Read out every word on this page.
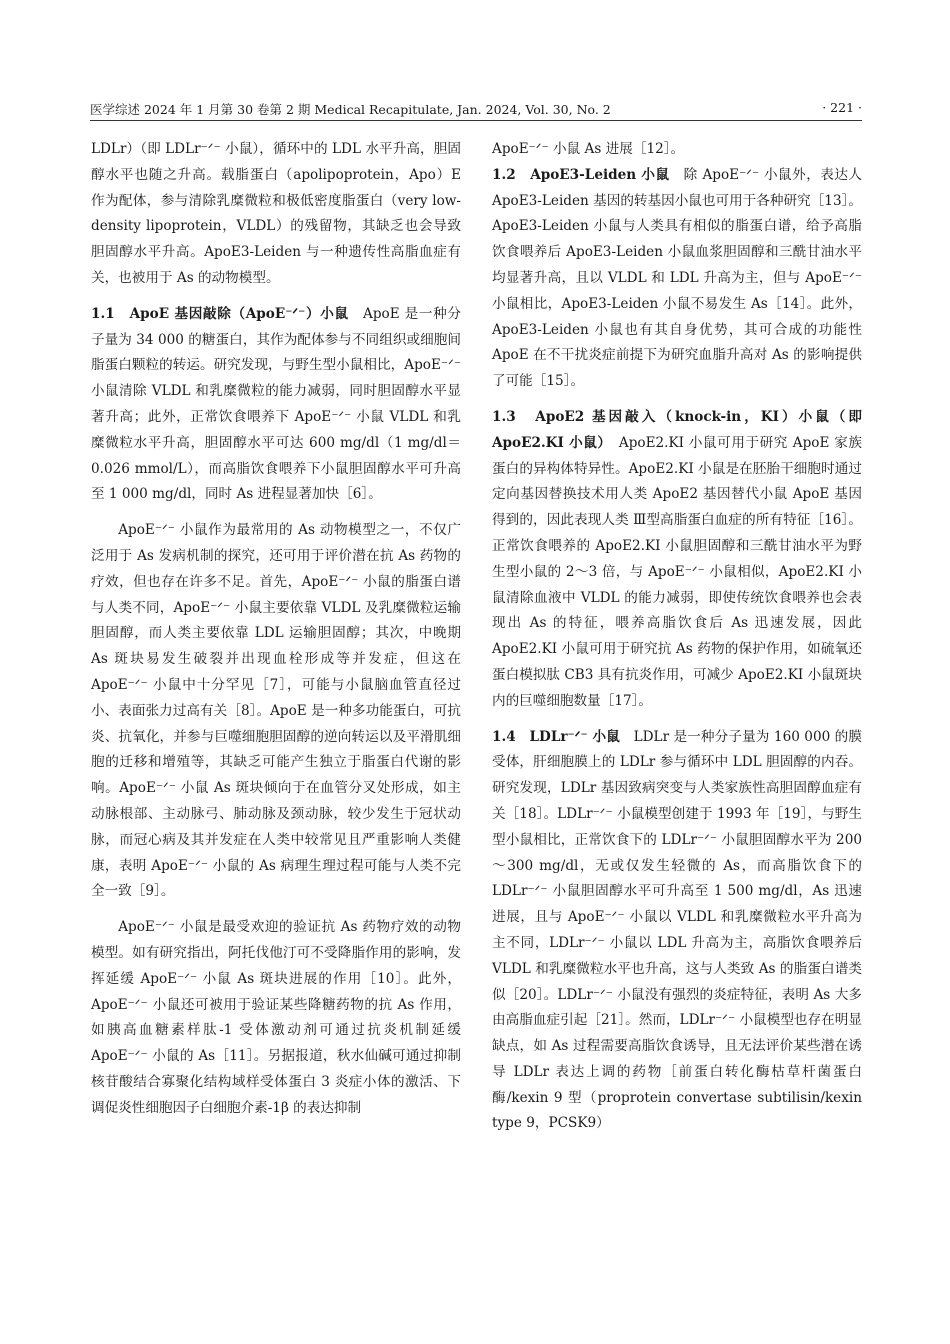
医学综述 2024 年 1 月第 30 卷第 2 期 Medical Recapitulate, Jan. 2024, Vol. 30, No. 2	· 221 ·

LDLr）（即 LDLr⁻ᐟ⁻ 小鼠），循环中的 LDL 水平升高，胆固醇水平也随之升高。载脂蛋白（apolipoprotein，Apo）E 作为配体，参与清除乳糜微粒和极低密度脂蛋白（very low-density lipoprotein，VLDL）的残留物，其缺乏也会导致胆固醇水平升高。ApoE3-Leiden 与一种遗传性高脂血症有关，也被用于 As 的动物模型。

1.1　ApoE 基因敲除（ApoE⁻ᐟ⁻）小鼠　ApoE 是一种分子量为 34 000 的糖蛋白，其作为配体参与不同组织或细胞间脂蛋白颗粒的转运。研究发现，与野生型小鼠相比，ApoE⁻ᐟ⁻ 小鼠清除 VLDL 和乳糜微粒的能力减弱，同时胆固醇水平显著升高；此外，正常饮食喂养下 ApoE⁻ᐟ⁻ 小鼠 VLDL 和乳糜微粒水平升高，胆固醇水平可达 600 mg/dl（1 mg/dl＝0.026 mmol/L），而高脂饮食喂养下小鼠胆固醇水平可升高至 1 000 mg/dl，同时 As 进程显著加快［6］。

ApoE⁻ᐟ⁻ 小鼠作为最常用的 As 动物模型之一，不仅广泛用于 As 发病机制的探究，还可用于评价潜在抗 As 药物的疗效，但也存在许多不足。首先，ApoE⁻ᐟ⁻ 小鼠的脂蛋白谱与人类不同，ApoE⁻ᐟ⁻ 小鼠主要依靠 VLDL 及乳糜微粒运输胆固醇，而人类主要依靠 LDL 运输胆固醇；其次，中晚期 As 斑块易发生破裂并出现血栓形成等并发症，但这在 ApoE⁻ᐟ⁻ 小鼠中十分罕见［7］，可能与小鼠脑血管直径过小、表面张力过高有关［8］。ApoE 是一种多功能蛋白，可抗炎、抗氧化，并参与巨噬细胞胆固醇的逆向转运以及平滑肌细胞的迁移和增殖等，其缺乏可能产生独立于脂蛋白代谢的影响。ApoE⁻ᐟ⁻ 小鼠 As 斑块倾向于在血管分叉处形成，如主动脉根部、主动脉弓、肺动脉及颈动脉，较少发生于冠状动脉，而冠心病及其并发症在人类中较常见且严重影响人类健康，表明 ApoE⁻ᐟ⁻ 小鼠的 As 病理生理过程可能与人类不完全一致［9］。

ApoE⁻ᐟ⁻ 小鼠是最受欢迎的验证抗 As 药物疗效的动物模型。如有研究指出，阿托伐他汀可不受降脂作用的影响，发挥延缓 ApoE⁻ᐟ⁻ 小鼠 As 斑块进展的作用［10］。此外，ApoE⁻ᐟ⁻ 小鼠还可被用于验证某些降糖药物的抗 As 作用，如胰高血糖素样肽-1 受体激动剂可通过抗炎机制延缓 ApoE⁻ᐟ⁻ 小鼠的 As［11］。另据报道，秋水仙碱可通过抑制核苷酸结合寡聚化结构域样受体蛋白 3 炎症小体的激活、下调促炎性细胞因子白细胞介素-1β 的表达抑制

ApoE⁻ᐟ⁻ 小鼠 As 进展［12］。

1.2　ApoE3-Leiden 小鼠　除 ApoE⁻ᐟ⁻ 小鼠外，表达人 ApoE3-Leiden 基因的转基因小鼠也可用于各种研究［13］。ApoE3-Leiden 小鼠与人类具有相似的脂蛋白谱，给予高脂饮食喂养后 ApoE3-Leiden 小鼠血浆胆固醇和三酰甘油水平均显著升高，且以 VLDL 和 LDL 升高为主，但与 ApoE⁻ᐟ⁻ 小鼠相比，ApoE3-Leiden 小鼠不易发生 As［14］。此外，ApoE3-Leiden 小鼠也有其自身优势，其可合成的功能性 ApoE 在不干扰炎症前提下为研究血脂升高对 As 的影响提供了可能［15］。

1.3　ApoE2 基因敲入（knock-in，KI）小鼠（即 ApoE2.KI 小鼠）　ApoE2.KI 小鼠可用于研究 ApoE 家族蛋白的异构体特异性。ApoE2.KI 小鼠是在胚胎干细胞时通过定向基因替换技术用人类 ApoE2 基因替代小鼠 ApoE 基因得到的，因此表现人类 Ⅲ型高脂蛋白血症的所有特征［16］。正常饮食喂养的 ApoE2.KI 小鼠胆固醇和三酰甘油水平为野生型小鼠的 2～3 倍，与 ApoE⁻ᐟ⁻ 小鼠相似，ApoE2.KI 小鼠清除血液中 VLDL 的能力减弱，即使传统饮食喂养也会表现出 As 的特征，喂养高脂饮食后 As 迅速发展，因此 ApoE2.KI 小鼠可用于研究抗 As 药物的保护作用，如硫氧还蛋白模拟肽 CB3 具有抗炎作用，可减少 ApoE2.KI 小鼠斑块内的巨噬细胞数量［17］。

1.4　LDLr⁻ᐟ⁻ 小鼠　LDLr 是一种分子量为 160 000 的膜受体，肝细胞膜上的 LDLr 参与循环中 LDL 胆固醇的内吞。研究发现，LDLr 基因致病突变与人类家族性高胆固醇血症有关［18］。LDLr⁻ᐟ⁻ 小鼠模型创建于 1993 年［19］，与野生型小鼠相比，正常饮食下的 LDLr⁻ᐟ⁻ 小鼠胆固醇水平为 200～300 mg/dl，无或仅发生轻微的 As，而高脂饮食下的 LDLr⁻ᐟ⁻ 小鼠胆固醇水平可升高至 1 500 mg/dl，As 迅速进展，且与 ApoE⁻ᐟ⁻ 小鼠以 VLDL 和乳糜微粒水平升高为主不同，LDLr⁻ᐟ⁻ 小鼠以 LDL 升高为主，高脂饮食喂养后 VLDL 和乳糜微粒水平也升高，这与人类致 As 的脂蛋白谱类似［20］。LDLr⁻ᐟ⁻ 小鼠没有强烈的炎症特征，表明 As 大多由高脂血症引起［21］。然而，LDLr⁻ᐟ⁻ 小鼠模型也存在明显缺点，如 As 过程需要高脂饮食诱导，且无法评价某些潜在诱导 LDLr 表达上调的药物［前蛋白转化酶枯草杆菌蛋白酶/kexin 9 型（proprotein convertase subtilisin/kexin type 9，PCSK9）
